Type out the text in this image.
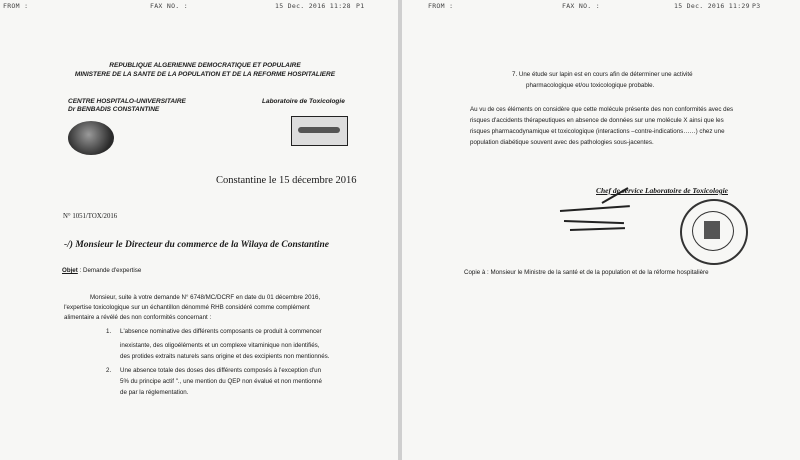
FROM :	FAX NO. :	15 Dec. 2016 11:28 P1
REPUBLIQUE ALGERIENNE DEMOCRATIQUE ET POPULAIRE
MINISTERE DE LA SANTE DE LA POPULATION ET DE LA REFORME HOSPITALIERE
CENTRE HOSPITALO-UNIVERSITAIRE
Dr BENBADIS CONSTANTINE
Laboratoire de Toxicologie
Constantine le 15 décembre 2016
N° 1051/TOX/2016
-/) Monsieur le Directeur du commerce de la Wilaya de Constantine
Objet : Demande d'expertise
Monsieur, suite à votre demande N° 6748/MC/DCRF en date du 01 décembre 2016,
l'expertise toxicologique sur un échantillon dénommé RHB considéré comme complément
alimentaire a révélé des non conformités concernant :
1. L'absence nominative des différents composants ce produit à commencer
inexistante, des oligoéléments et un complexe vitaminique non identifiés,
des protides extraits naturels sans origine et des excipients non mentionnés.
2. Une absence totale des doses des différents composés à l'exception d'un
5% du principe actif "., une mention du QEP non évalué et non mentionné
de par la réglementation.
FROM :	FAX NO. :	15 Dec. 2016 11:29 P3
7. Une étude sur lapin est en cours afin de déterminer une activité
pharmacologique et/ou toxicologique probable.
Au vu de ces éléments on considère que cette molécule présente des non conformités avec des
risques d'accidents thérapeutiques en absence de données sur une molécule X ainsi que les
risques pharmacodynamique et toxicologique (interactions –contre-indications……) chez une
population diabétique souvent avec des pathologies sous-jacentes.
Chef de service Laboratoire de Toxicologie
Copie à : Monsieur le Ministre de la santé et de la population et de la réforme hospitalière
